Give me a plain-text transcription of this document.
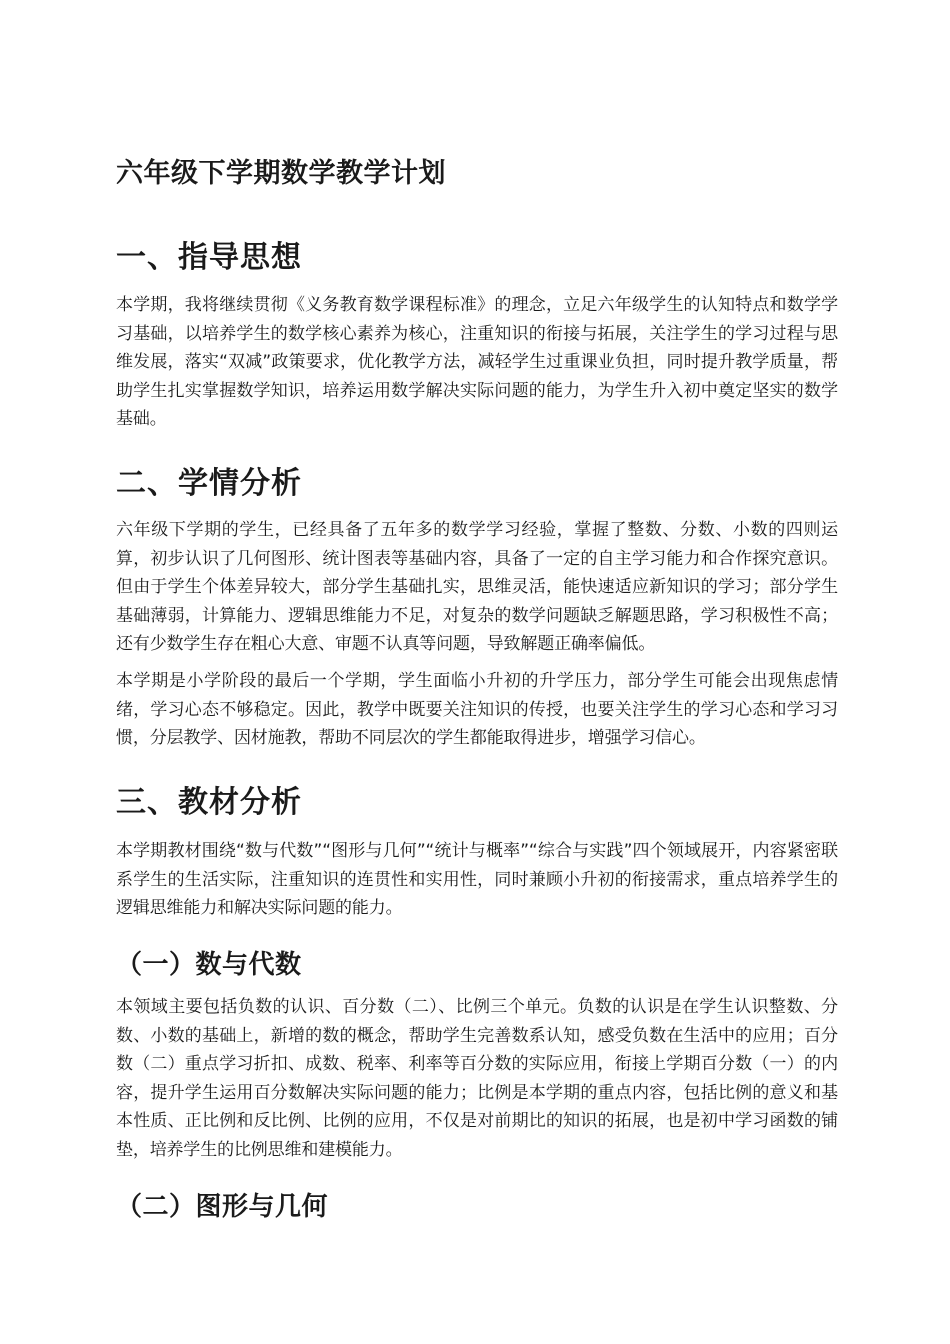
六年级下学期数学教学计划
一、指导思想

本学期，我将继续贯彻《义务教育数学课程标准》的理念，立足六年级学生的认知特点和数学学习基础，以培养学生的数学核心素养为核心，注重知识的衔接与拓展，关注学生的学习过程与思维发展，落实“双减”政策要求，优化教学方法，减轻学生过重课业负担，同时提升教学质量，帮助学生扎实掌握数学知识，培养运用数学解决实际问题的能力，为学生升入初中奠定坚实的数学基础。

二、学情分析

六年级下学期的学生，已经具备了五年多的数学学习经验，掌握了整数、分数、小数的四则运算，初步认识了几何图形、统计图表等基础内容，具备了一定的自主学习能力和合作探究意识。但由于学生个体差异较大，部分学生基础扎实，思维灵活，能快速适应新知识的学习；部分学生基础薄弱，计算能力、逻辑思维能力不足，对复杂的数学问题缺乏解题思路，学习积极性不高；还有少数学生存在粗心大意、审题不认真等问题，导致解题正确率偏低。

本学期是小学阶段的最后一个学期，学生面临小升初的升学压力，部分学生可能会出现焦虑情绪，学习心态不够稳定。因此，教学中既要关注知识的传授，也要关注学生的学习心态和学习习惯，分层教学、因材施教，帮助不同层次的学生都能取得进步，增强学习信心。

三、教材分析

本学期教材围绕“数与代数”“图形与几何”“统计与概率”“综合与实践”四个领域展开，内容紧密联系学生的生活实际，注重知识的连贯性和实用性，同时兼顾小升初的衔接需求，重点培养学生的逻辑思维能力和解决实际问题的能力。

（一）数与代数

本领域主要包括负数的认识、百分数（二）、比例三个单元。负数的认识是在学生认识整数、分数、小数的基础上，新增的数的概念，帮助学生完善数系认知，感受负数在生活中的应用；百分数（二）重点学习折扣、成数、税率、利率等百分数的实际应用，衔接上学期百分数（一）的内容，提升学生运用百分数解决实际问题的能力；比例是本学期的重点内容，包括比例的意义和基本性质、正比例和反比例、比例的应用，不仅是对前期比的知识的拓展，也是初中学习函数的铺垫，培养学生的比例思维和建模能力。

（二）图形与几何
